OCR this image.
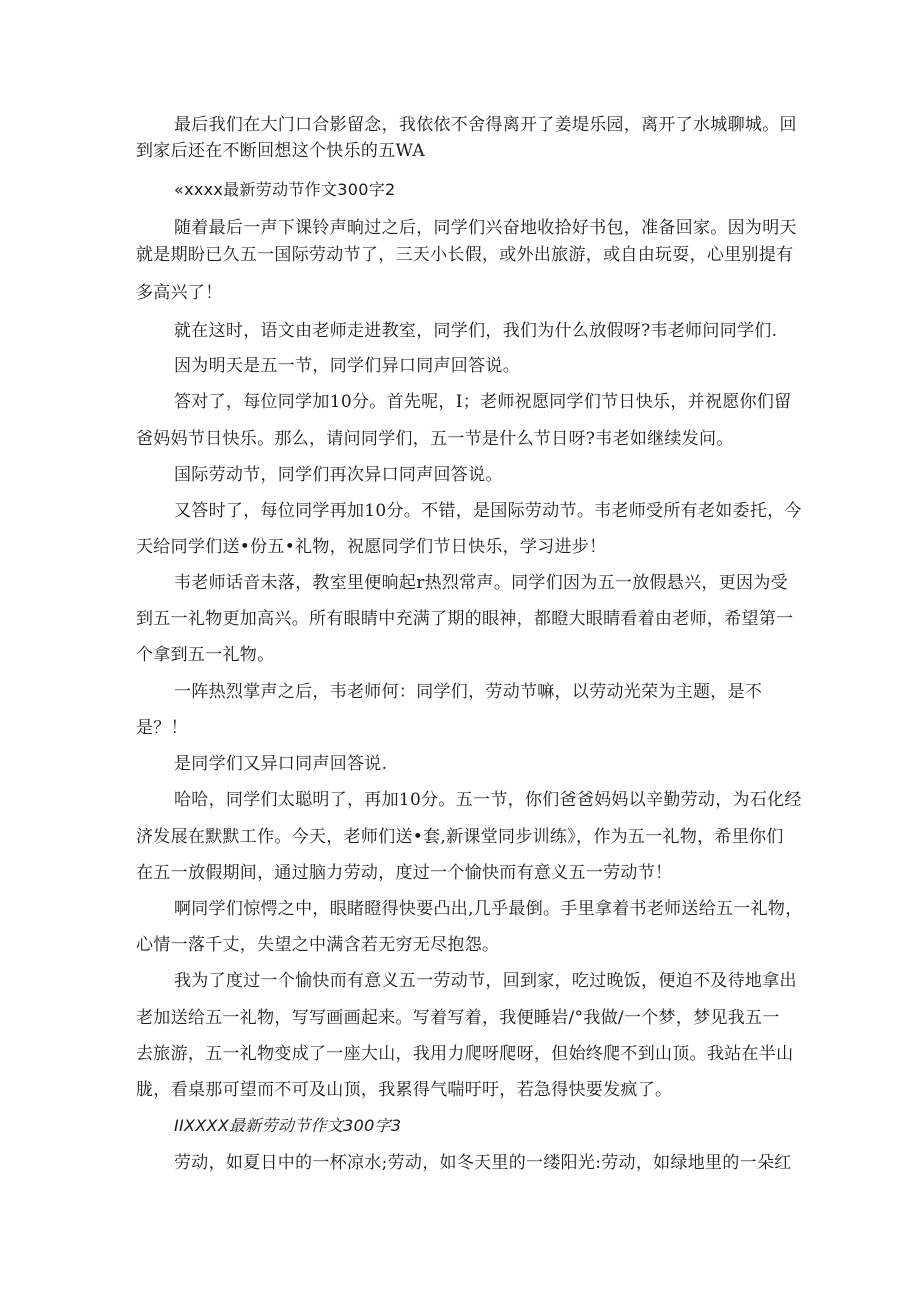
最后我们在大门口合影留念，我依依不舍得离开了姜堤乐园，离开了水城聊城。回
到家后还在不断回想这个快乐的五WA
«xxxx最新劳动节作文300字2
随着最后一声下课铃声晌过之后，同学们兴奋地收拾好书包，准备回家。因为明天
就是期盼已久五一国际劳动节了，三天小长假，或外出旅游，或自由玩耍，心里别提有
多高兴了！
就在这时，语文由老师走进教室，同学们，我们为什么放假呀?韦老师问同学们.
因为明天是五一节，同学们异口同声回答说。
答对了，每位同学加10分。首先呢，I；老师祝愿同学们节日快乐，并祝愿你们留
爸妈妈节日快乐。那么，请问同学们，五一节是什么节日呀?韦老如继续发问。
国际劳动节，同学们再次异口同声回答说。
又答时了，每位同学再加10分。不错，是国际劳动节。韦老师受所有老如委托，今
天给同学们送•份五•礼物，祝愿同学们节日快乐，学习进步！
韦老师话音未落，教室里便晌起r热烈常声。同学们因为五一放假悬兴，更因为受
到五一礼物更加高兴。所有眼睛中充满了期的眼神，都瞪大眼睛看着由老师，希望第一
个拿到五一礼物。
一阵热烈掌声之后，韦老师何：同学们，劳动节嘛，以劳动光荣为主题，是不
是？！
是同学们又异口同声回答说.
哈哈，同学们太聪明了，再加10分。五一节，你们爸爸妈妈以辛勤劳动，为石化经
济发展在默默工作。今天，老师们送•套,新课堂同步训练》，作为五一礼物，希里你们
在五一放假期间，通过脑力劳动，度过一个愉快而有意义五一劳动节！
啊同学们惊愕之中，眼睹瞪得快要凸出,几乎最倒。手里拿着书老师送给五一礼物，
心情一落千丈，失望之中满含若无穷无尽抱怨。
我为了度过一个愉快而有意义五一劳动节，回到家，吃过晚饭，便迫不及待地拿出
老加送给五一礼物，写写画画起来。写着写着，我便睡岩/°我做/一个梦，梦见我五一
去旅游，五一礼物变成了一座大山，我用力爬呀爬呀，但始终爬不到山顶。我站在半山
胧，看桌那可望而不可及山顶，我累得气喘吁吁，若急得快要发疯了。
IIXXXX最新劳动节作文300字3
劳动，如夏日中的一杯凉水;劳动，如冬天里的一缕阳光:劳动，如绿地里的一朵红
